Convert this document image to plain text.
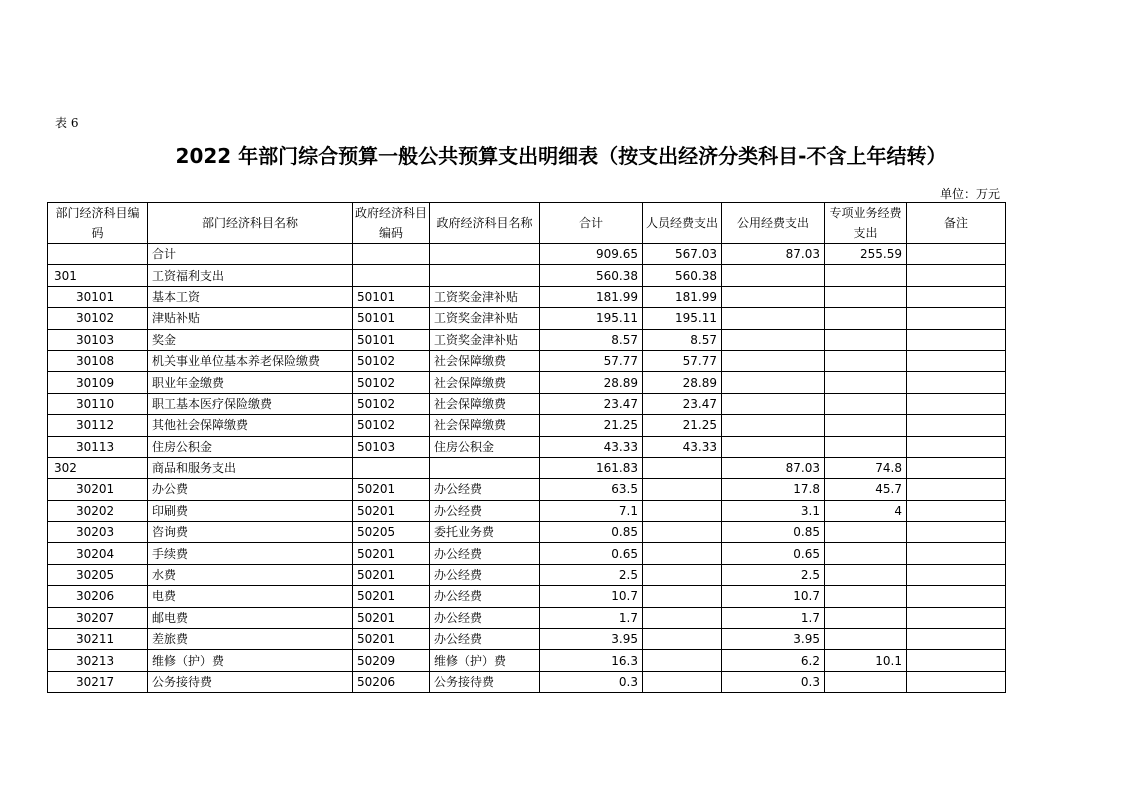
表 6
2022 年部门综合预算一般公共预算支出明细表（按支出经济分类科目-不含上年结转）
单位：万元
部门经济科目编码	部门经济科目名称	政府经济科目编码	政府经济科目名称	合计	人员经费支出	公用经费支出	专项业务经费支出	备注

	合计			909.65	567.03	87.03	255.59	
301	工资福利支出			560.38	560.38			
30101	基本工资	50101	工资奖金津补贴	181.99	181.99			
30102	津贴补贴	50101	工资奖金津补贴	195.11	195.11			
30103	奖金	50101	工资奖金津补贴	8.57	8.57			
30108	机关事业单位基本养老保险缴费	50102	社会保障缴费	57.77	57.77			
30109	职业年金缴费	50102	社会保障缴费	28.89	28.89			
30110	职工基本医疗保险缴费	50102	社会保障缴费	23.47	23.47			
30112	其他社会保障缴费	50102	社会保障缴费	21.25	21.25			
30113	住房公积金	50103	住房公积金	43.33	43.33			
302	商品和服务支出			161.83		87.03	74.8	
30201	办公费	50201	办公经费	63.5		17.8	45.7	
30202	印刷费	50201	办公经费	7.1		3.1	4	
30203	咨询费	50205	委托业务费	0.85		0.85		
30204	手续费	50201	办公经费	0.65		0.65		
30205	水费	50201	办公经费	2.5		2.5		
30206	电费	50201	办公经费	10.7		10.7		
30207	邮电费	50201	办公经费	1.7		1.7		
30211	差旅费	50201	办公经费	3.95		3.95		
30213	维修（护）费	50209	维修（护）费	16.3		6.2	10.1	
30217	公务接待费	50206	公务接待费	0.3		0.3		
